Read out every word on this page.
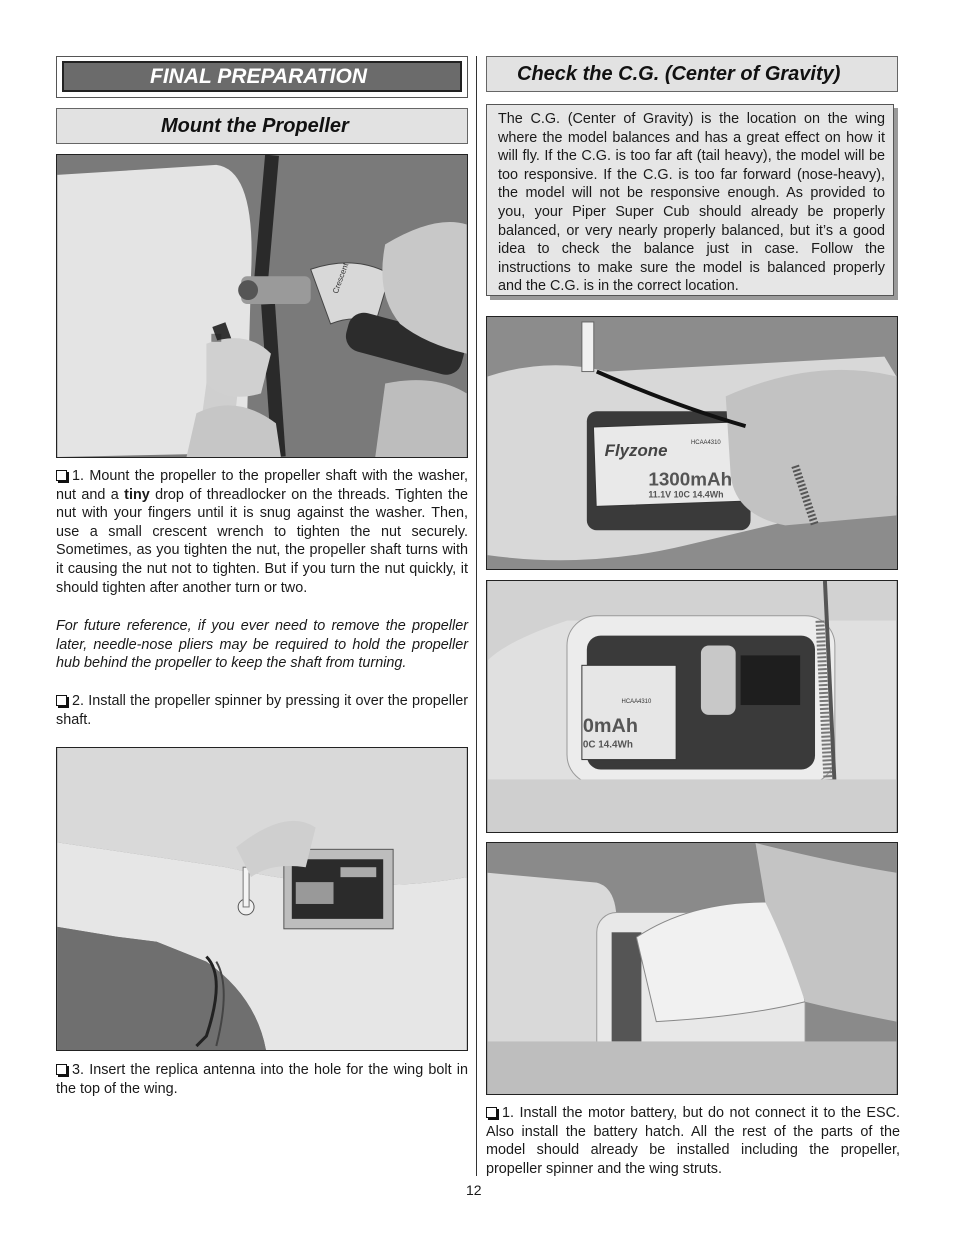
FINAL PREPARATION
Mount the Propeller
Check the C.G. (Center of Gravity)
Crescent
1. Mount the propeller to the propeller shaft with the washer, nut and a tiny drop of threadlocker on the threads. Tighten the nut with your fingers until it is snug against the washer. Then, use a small crescent wrench to tighten the nut securely. Sometimes, as you tighten the nut, the propeller shaft turns with it causing the nut not to tighten. But if you turn the nut quickly, it should tighten after another turn or two.
For future reference, if you ever need to remove the propeller later, needle-nose pliers may be required to hold the propeller hub behind the propeller to keep the shaft from turning.
2. Install the propeller spinner by pressing it over the propeller shaft.
3. Insert the replica antenna into the hole for the wing bolt in the top of the wing.
The C.G. (Center of Gravity) is the location on the wing where the model balances and has a great effect on how it will fly. If the C.G. is too far aft (tail heavy), the model will be too responsive. If the C.G. is too far forward (nose-heavy), the model will not be responsive enough. As provided to you, your Piper Super Cub should already be properly balanced, or very nearly properly balanced, but it’s a good idea to check the balance just in case. Follow the instructions to make sure the model is balanced properly and the C.G. is in the correct location.
Flyzone	HCAA4310
1300mAh
11.1V 10C 14.4Wh
HCAA4310
0mAh
0C 14.4Wh
1. Install the motor battery, but do not connect it to the ESC. Also install the battery hatch. All the rest of the parts of the model should already be installed including the propeller, propeller spinner and the wing struts.
12
